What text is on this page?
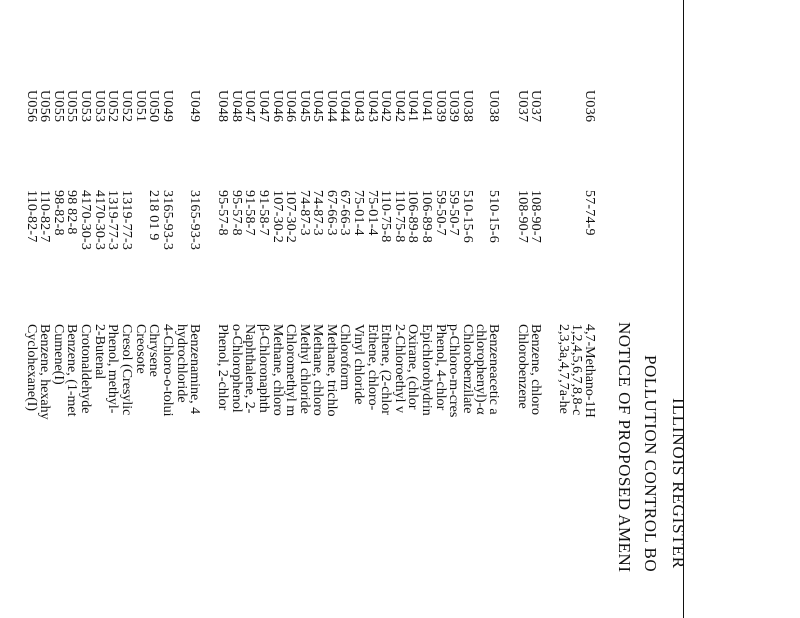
ILLINOIS REGISTER
POLLUTION CONTROL BO
NOTICE OF PROPOSED AMENI
U036
57-74-9
4,7-Methano-1H
1,2,4,5,6,7,8,8-c
2,3,3a,4,7,7a-he
U037
108-90-7
Benzene, chloro
U037
108-90-7
Chlorobenzene
U038
510-15-6
Benzeneacetic a
chlorophenyl)-α
U038
510-15-6
Chlorobenzilate
U039
59-50-7
p-Chloro-m-cres
U039
59-50-7
Phenol, 4-chlor
U041
106-89-8
Epichlorohydrin
U041
106-89-8
Oxirane, (chlor
U042
110-75-8
2-Chloroethyl v
U042
110-75-8
Ethene, (2-chlor
U043
75-01-4
Ethene, chloro-
U043
75-01-4
Vinyl chloride
U044
67-66-3
Chloroform
U044
67-66-3
Methane, trichlo
U045
74-87-3
Methane, chloro
U045
74-87-3
Methyl chloride
U046
107-30-2
Chloromethyl m
U046
107-30-2
Methane, chloro
U047
91-58-7
β-Chloronaphth
U047
91-58-7
Naphthalene, 2-
U048
95-57-8
o-Chlorophenol
U048
95-57-8
Phenol, 2-chlor
U049
3165-93-3
Benzenamine, 4
hydrochloride
U049
3165-93-3
4-Chloro-o-tolui
U050
218 01 9
Chrysene
U051
Creosote
U052
1319-77-3
Cresol (Cresylic
U052
1319-77-3
Phenol, methyl-
U053
4170-30-3
2-Butenal
U053
4170-30-3
Crotonaldehyde
U055
98 82-8
Benzene, (1-met
U055
98-82-8
Cumene(I)
U056
110-82-7
Benzene, hexahy
U056
110-82-7
Cyclohexane(I)
